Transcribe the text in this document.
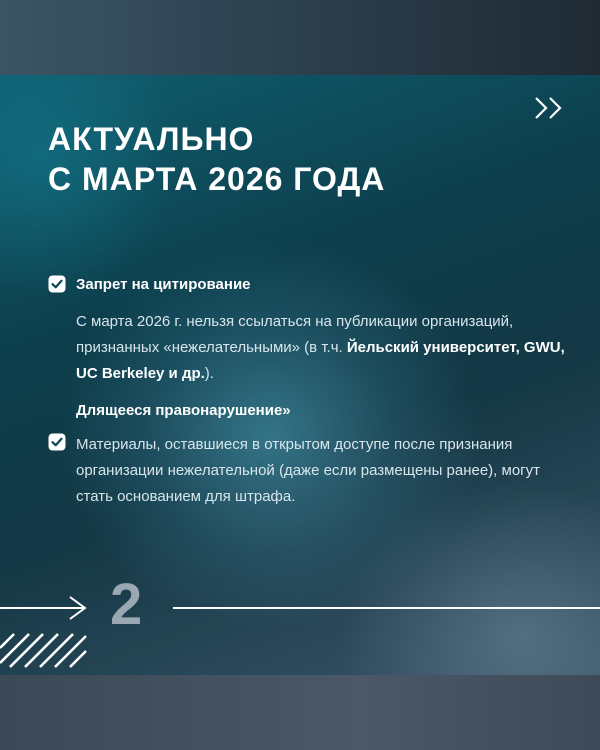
АКТУАЛЬНО
С МАРТА 2026 ГОДА
Запрет на цитирование

С марта 2026 г. нельзя ссылаться на публикации организаций, признанных «нежелательными» (в т.ч. Йельский университет, GWU, UC Berkeley и др.).

Длящееся правонарушение»

Материалы, оставшиеся в открытом доступе после признания организации нежелательной (даже если размещены ранее), могут стать основанием для штрафа.

2
